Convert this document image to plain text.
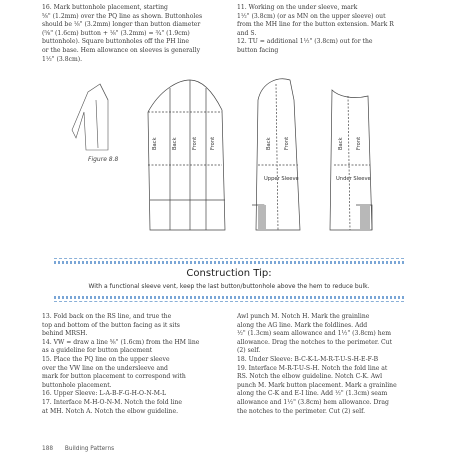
16. Mark buttonhole placement, starting

⅝" (1.2mm) over the PQ line as shown. Buttonholes

should be ⅛" (3.2mm) longer than button diameter

(⅝" (1.6cm) button + ⅛" (3.2mm) = ¾" (1.9cm)

buttonhole). Square buttonholes off the PH line

or the base. Hem allowance on sleeves is generally

1½" (3.8cm).

11. Working on the under sleeve, mark

1½" (3.8cm) (or as MN on the upper sleeve) out

from the MH line for the button extension. Mark R

and S.

12. TU = additional 1½" (3.8cm) out for the

button facing

Back	Back	Front Front	Back Front
Upper Sleeve
Back Front
Under Sleeve
Figure 8.8
Construction Tip:
With a functional sleeve vent, keep the last button/buttonhole above the hem to reduce bulk.

13. Fold back on the RS line, and true the

top and bottom of the button facing as it sits

behind MRSH.

14. VW = draw a line ⅝" (1.6cm) from the HM line

as a guideline for button placement

15. Place the PQ line on the upper sleeve

over the VW line on the undersleeve and

mark for button placement to correspond with

buttonhole placement.

16. Upper Sleeve: L-A-B-F-G-H-O-N-M-L

17. Interface M-H-O-N-M. Notch the fold line

at MH. Notch A. Notch the elbow guideline.

Awl punch M. Notch H. Mark the grainline

along the AG line. Mark the foldlines. Add

½" (1.3cm) seam allowance and 1½" (3.8cm) hem

allowance. Drag the notches to the perimeter. Cut

(2) self.

18. Under Sleeve: B-C-K-L-M-R-T-U-S-H-E-F-B

19. Interface M-R-T-U-S-H. Notch the fold line at

RS. Notch the elbow guideline. Notch C-K. Awl

punch M. Mark button placement. Mark a grainline

along the C-K and E-I line. Add ½" (1.3cm) seam

allowance and 1½" (3.8cm) hem allowance. Drag

the notches to the perimeter. Cut (2) self.

188 Building Patterns
